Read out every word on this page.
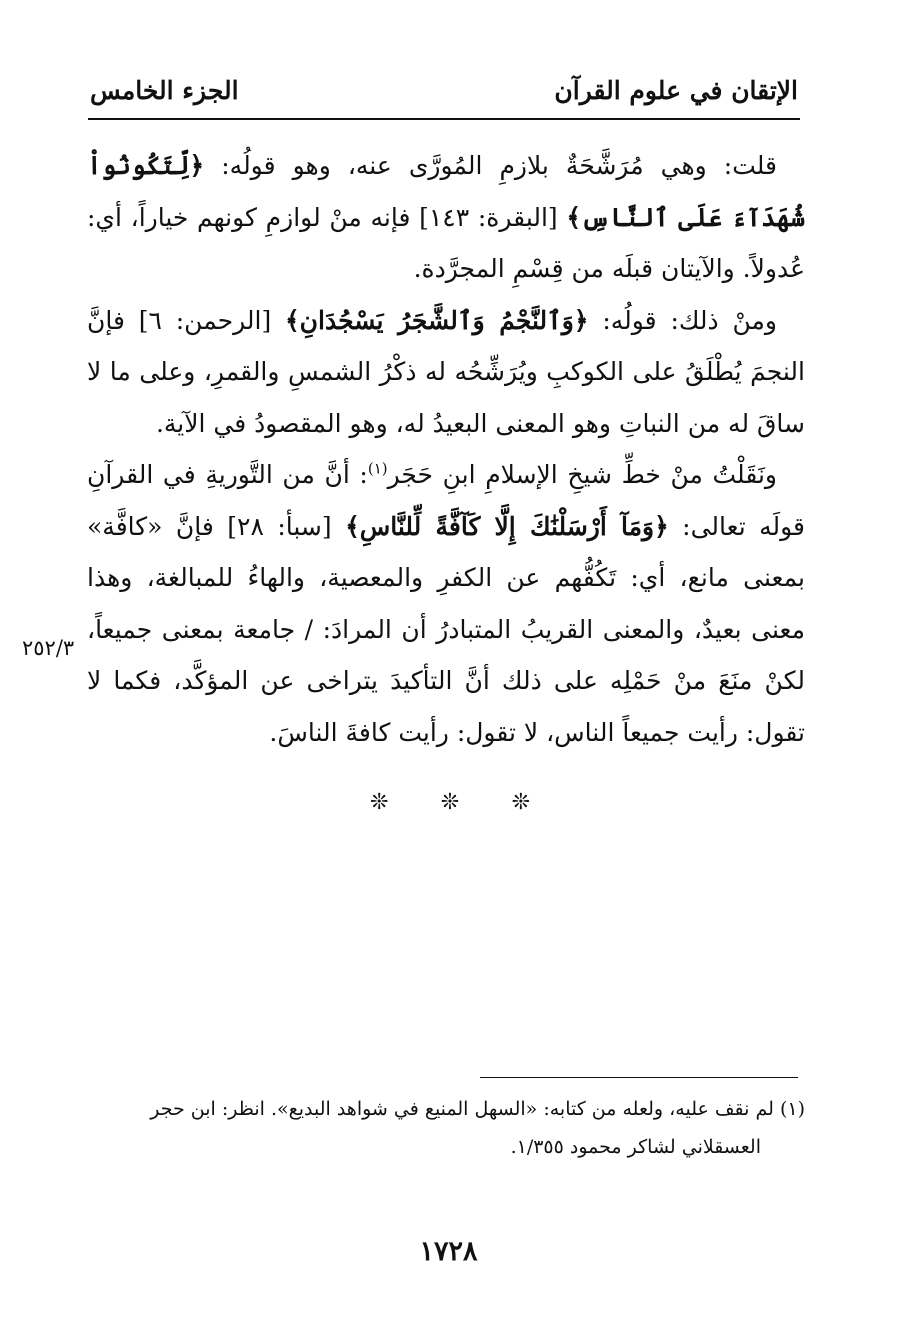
الإتقان في علوم القرآن
الجزء الخامس

قلت: وهي مُرَشَّحَةٌ بلازمِ المُورَّى عنه، وهو قولُه: ﴿لِّتَكُونُواْ شُهَدَآءَ عَلَى ٱلنَّاسِ﴾ [البقرة: ١٤٣] فإنه منْ لوازمِ كونهم خياراً، أي: عُدولاً. والآيتان قبلَه من قِسْمِ المجرَّدة.

ومنْ ذلك: قولُه: ﴿وَٱلنَّجْمُ وَٱلشَّجَرُ يَسْجُدَانِ﴾ [الرحمن: ٦] فإنَّ النجمَ يُطْلَقُ على الكوكبِ ويُرَشِّحُه له ذكْرُ الشمسِ والقمرِ، وعلى ما لا ساقَ له من النباتِ وهو المعنى البعيدُ له، وهو المقصودُ في الآية.

ونَقَلْتُ منْ خطِّ شيخِ الإسلامِ ابنِ حَجَر$^{(١)}$: أنَّ من التَّوريةِ في القرآنِ قولَه تعالى: ﴿وَمَآ أَرْسَلْنَٰكَ إِلَّا كَآفَّةً لِّلنَّاسِ﴾ [سبأ: ٢٨] فإنَّ «كافَّة» بمعنى مانع، أي: تَكُفُّهم عن الكفرِ والمعصية، والهاءُ للمبالغة، وهذا معنى بعيدٌ، والمعنى القريبُ المتبادرُ أن المرادَ: / جامعة بمعنى جميعاً، لكنْ منَعَ منْ حَمْلِه على ذلك أنَّ التأكيدَ يتراخى عن المؤكَّد، فكما لا تقول: رأيت جميعاً الناس، لا تقول: رأيت كافةَ الناسَ.

٢٥٢/٣
❊
❊
❊

(١) لم نقف عليه، ولعله من كتابه: «السهل المنيع في شواهد البديع». انظر: ابن حجر

العسقلاني لشاكر محمود ١/٣٥٥.

١٧٢٨
